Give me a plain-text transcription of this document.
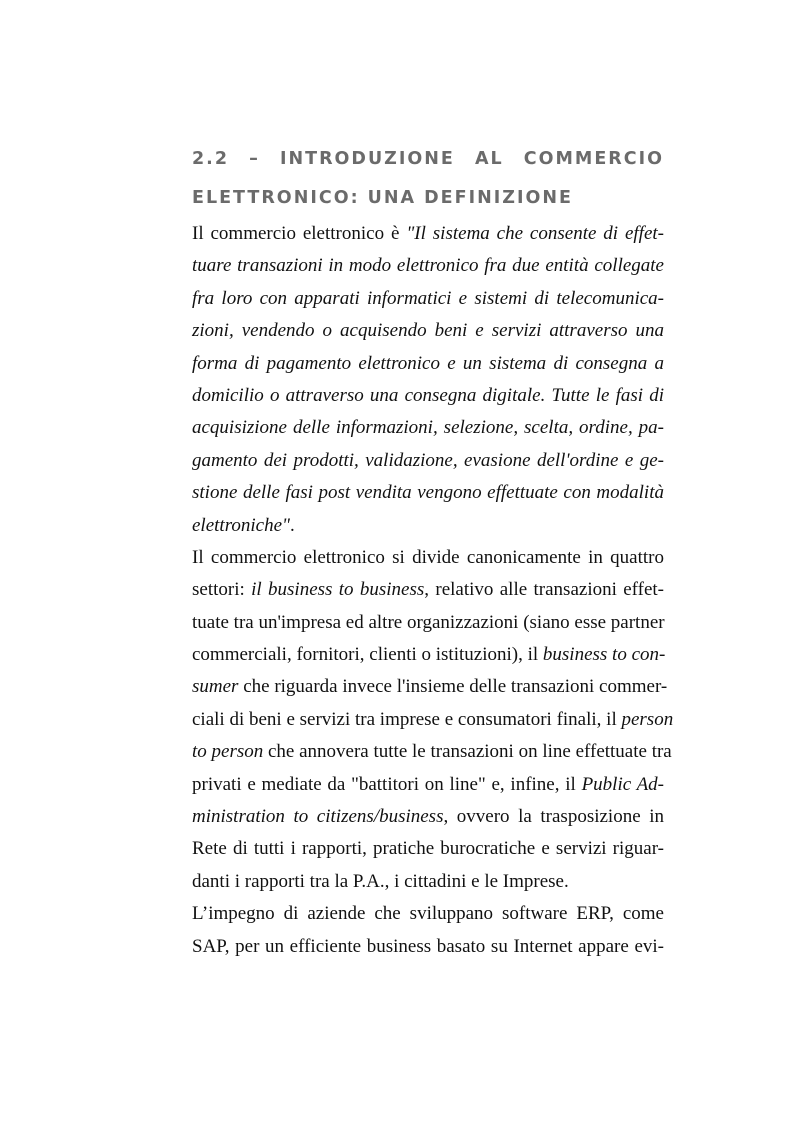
2.2 – INTRODUZIONE AL COMMERCIO
ELETTRONICO: UNA DEFINIZIONE
Il commercio elettronico è "Il sistema che consente di effet-
tuare transazioni in modo elettronico fra due entità collegate
fra loro con apparati informatici e sistemi di telecomunica-
zioni, vendendo o acquisendo beni e servizi attraverso una
forma di pagamento elettronico e un sistema di consegna a
domicilio o attraverso una consegna digitale. Tutte le fasi di
acquisizione delle informazioni, selezione, scelta, ordine, pa-
gamento dei prodotti, validazione, evasione dell'ordine e ge-
stione delle fasi post vendita vengono effettuate con modalità
elettroniche".
Il commercio elettronico si divide canonicamente in quattro
settori: il business to business, relativo alle transazioni effet-
tuate tra un'impresa ed altre organizzazioni (siano esse partner
commerciali, fornitori, clienti o istituzioni), il business to con-
sumer che riguarda invece l'insieme delle transazioni commer-
ciali di beni e servizi tra imprese e consumatori finali, il person
to person che annovera tutte le transazioni on line effettuate tra
privati e mediate da "battitori on line" e, infine, il Public Ad-
ministration to citizens/business, ovvero la trasposizione in
Rete di tutti i rapporti, pratiche burocratiche e servizi riguar-
danti i rapporti tra la P.A., i cittadini e le Imprese.
L’impegno di aziende che sviluppano software ERP, come
SAP, per un efficiente business basato su Internet appare evi-
